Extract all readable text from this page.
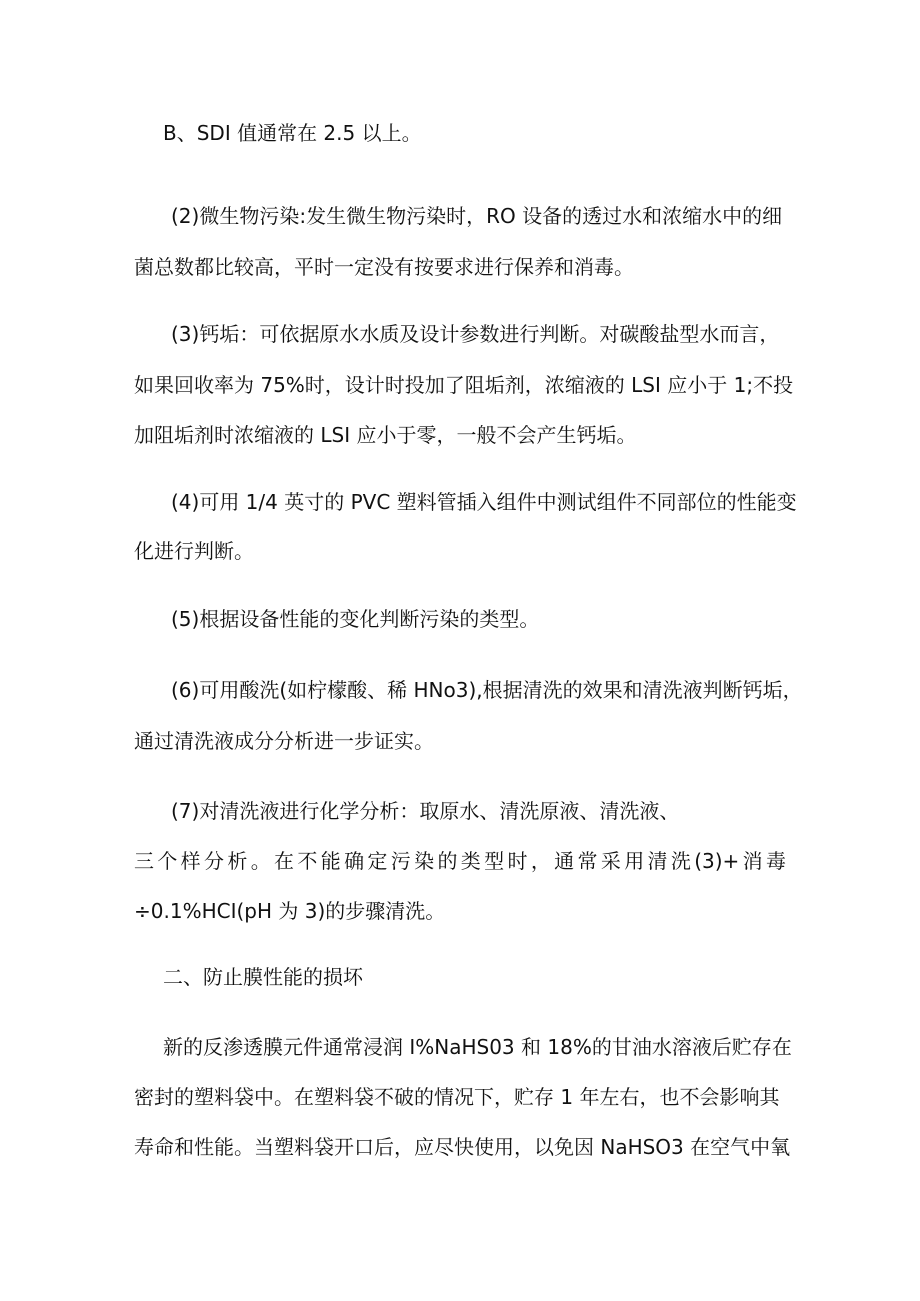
B、SDI 值通常在 2.5 以上。
(2)微生物污染:发生微生物污染时，RO 设备的透过水和浓缩水中的细
菌总数都比较高，平时一定没有按要求进行保养和消毒。
(3)钙垢：可依据原水水质及设计参数进行判断。对碳酸盐型水而言，
如果回收率为 75%时，设计时投加了阻垢剂，浓缩液的 LSI 应小于 1;不投
加阻垢剂时浓缩液的 LSI 应小于零，一般不会产生钙垢。
(4)可用 1/4 英寸的 PVC 塑料管插入组件中测试组件不同部位的性能变
化进行判断。
(5)根据设备性能的变化判断污染的类型。
(6)可用酸洗(如柠檬酸、稀 HNo3),根据清洗的效果和清洗液判断钙垢，
通过清洗液成分分析进一步证实。
(7)对清洗液进行化学分析：取原水、清洗原液、清洗液、
三个样分析。在不能确定污染的类型时，通常采用清洗(3)+消毒
÷0.1%HCI(pH 为 3)的步骤清洗。
二、防止膜性能的损坏
新的反渗透膜元件通常浸润 I%NaHS03 和 18%的甘油水溶液后贮存在
密封的塑料袋中。在塑料袋不破的情况下，贮存 1 年左右，也不会影响其
寿命和性能。当塑料袋开口后，应尽快使用，以免因 NaHSO3 在空气中氧
